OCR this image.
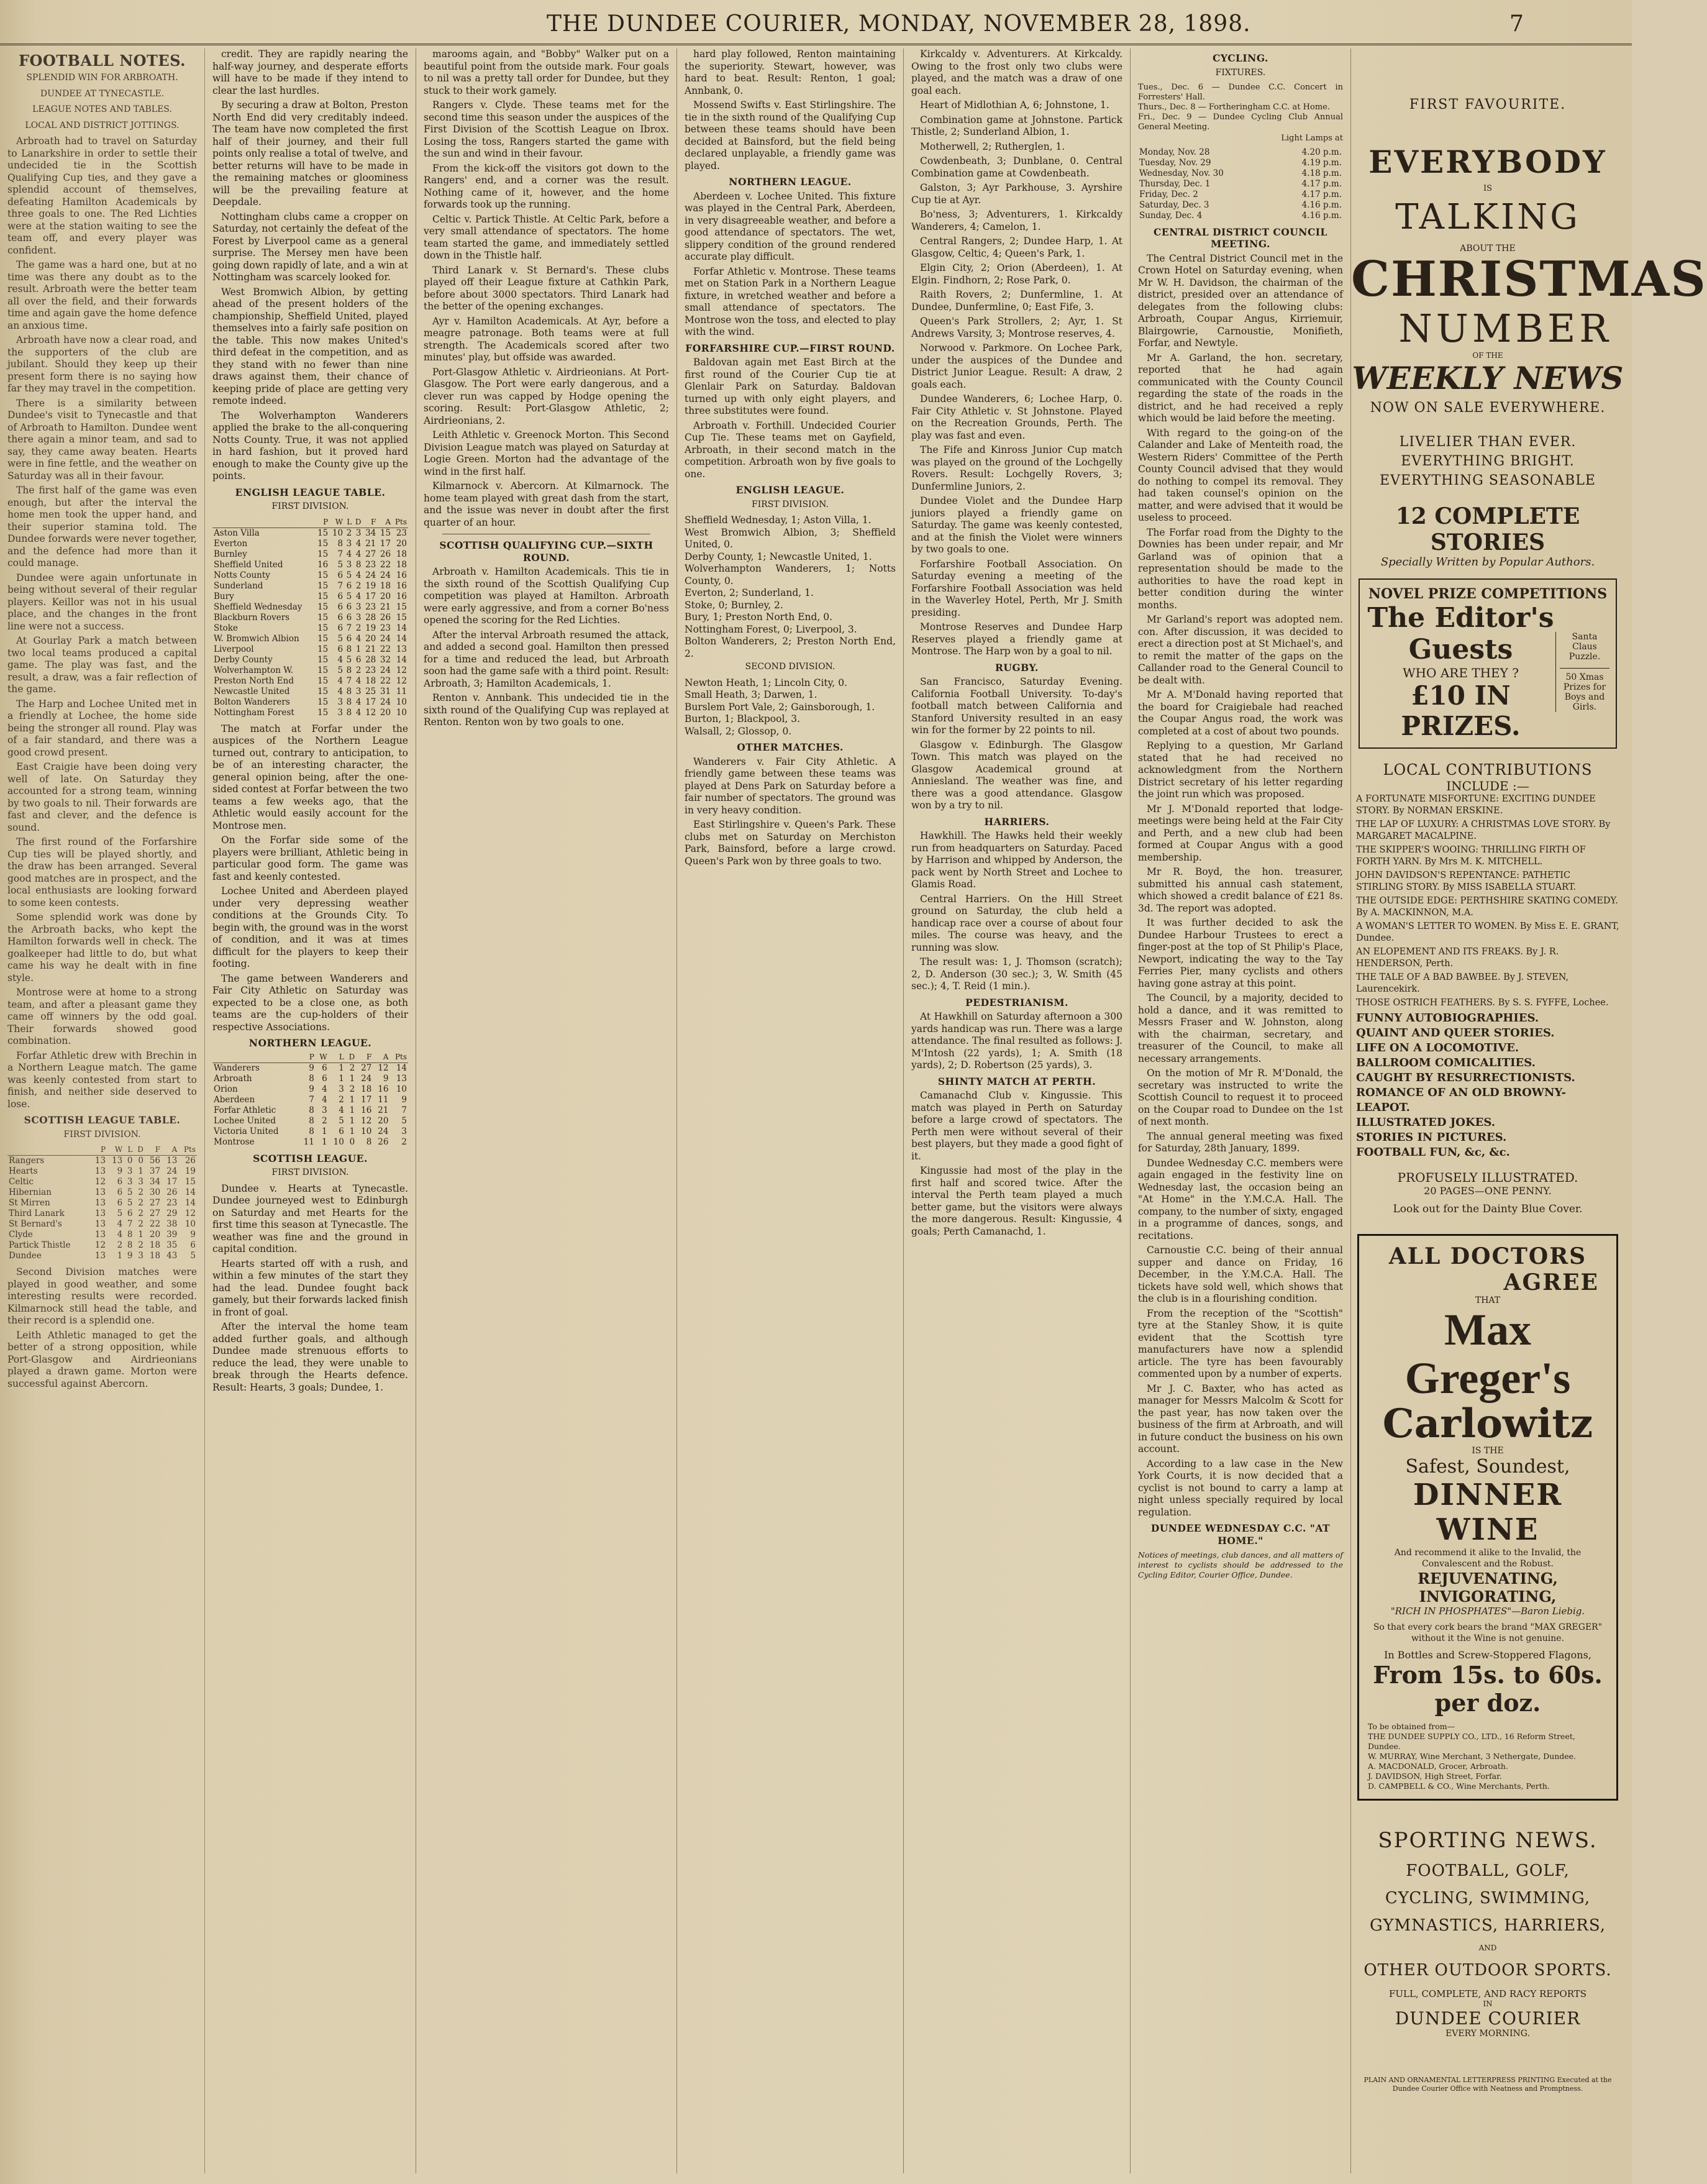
THE DUNDEE COURIER, MONDAY, NOVEMBER 28, 1898.	7
FOOTBALL NOTES.
SPLENDID WIN FOR ARBROATH.
DUNDEE AT TYNECASTLE.
LEAGUE NOTES AND TABLES.
LOCAL AND DISTRICT JOTTINGS.

Arbroath had to travel on Saturday to Lanarkshire in order to settle their undecided tie in the Scottish Qualifying Cup ties, and they gave a splendid account of themselves, defeating Hamilton Academicals by three goals to one. The Red Lichties were at the station waiting to see the team off, and every player was confident.

The game was a hard one, but at no time was there any doubt as to the result. Arbroath were the better team all over the field, and their forwards time and again gave the home defence an anxious time.

Arbroath have now a clear road, and the supporters of the club are jubilant. Should they keep up their present form there is no saying how far they may travel in the competition.

There is a similarity between Dundee's visit to Tynecastle and that of Arbroath to Hamilton. Dundee went there again a minor team, and sad to say, they came away beaten. Hearts were in fine fettle, and the weather on Saturday was all in their favour.

The first half of the game was even enough, but after the interval the home men took the upper hand, and their superior stamina told. The Dundee forwards were never together, and the defence had more than it could manage.

Dundee were again unfortunate in being without several of their regular players. Keillor was not in his usual place, and the changes in the front line were not a success.

At Gourlay Park a match between two local teams produced a capital game. The play was fast, and the result, a draw, was a fair reflection of the game.

The Harp and Lochee United met in a friendly at Lochee, the home side being the stronger all round. Play was of a fair standard, and there was a good crowd present.

East Craigie have been doing very well of late. On Saturday they accounted for a strong team, winning by two goals to nil. Their forwards are fast and clever, and the defence is sound.

The first round of the Forfarshire Cup ties will be played shortly, and the draw has been arranged. Several good matches are in prospect, and the local enthusiasts are looking forward to some keen contests.

Some splendid work was done by the Arbroath backs, who kept the Hamilton forwards well in check. The goalkeeper had little to do, but what came his way he dealt with in fine style.

Montrose were at home to a strong team, and after a pleasant game they came off winners by the odd goal. Their forwards showed good combination.

Forfar Athletic drew with Brechin in a Northern League match. The game was keenly contested from start to finish, and neither side deserved to lose.

SCOTTISH LEAGUE TABLE.
FIRST DIVISION.
	P	W	L	D	F	A	Pts
Rangers	13	13	0	0	56	13	26
Hearts	13	9	3	1	37	24	19
Celtic	12	6	3	3	34	17	15
Hibernian	13	6	5	2	30	26	14
St Mirren	13	6	5	2	27	23	14
Third Lanark	13	5	6	2	27	29	12
St Bernard's	13	4	7	2	22	38	10
Clyde	13	4	8	1	20	39	9
Partick Thistle	12	2	8	2	18	35	6
Dundee	13	1	9	3	18	43	5

Second Division matches were played in good weather, and some interesting results were recorded. Kilmarnock still head the table, and their record is a splendid one.

Leith Athletic managed to get the better of a strong opposition, while Port-Glasgow and Airdrieonians played a drawn game. Morton were successful against Abercorn.

credit. They are rapidly nearing the half-way journey, and desperate efforts will have to be made if they intend to clear the last hurdles.

By securing a draw at Bolton, Preston North End did very creditably indeed. The team have now completed the first half of their journey, and their full points only realise a total of twelve, and better returns will have to be made in the remaining matches or gloominess will be the prevailing feature at Deepdale.

Nottingham clubs came a cropper on Saturday, not certainly the defeat of the Forest by Liverpool came as a general surprise. The Mersey men have been going down rapidly of late, and a win at Nottingham was scarcely looked for.

West Bromwich Albion, by getting ahead of the present holders of the championship, Sheffield United, played themselves into a fairly safe position on the table. This now makes United's third defeat in the competition, and as they stand with no fewer than nine draws against them, their chance of keeping pride of place are getting very remote indeed.

The Wolverhampton Wanderers applied the brake to the all-conquering Notts County. True, it was not applied in hard fashion, but it proved hard enough to make the County give up the points.

ENGLISH LEAGUE TABLE.
FIRST DIVISION.
	P	W	L	D	F	A	Pts
Aston Villa	15	10	2	3	34	15	23
Everton	15	8	3	4	21	17	20
Burnley	15	7	4	4	27	26	18
Sheffield United	16	5	3	8	23	22	18
Notts County	15	6	5	4	24	24	16
Sunderland	15	7	6	2	19	18	16
Bury	15	6	5	4	17	20	16
Sheffield Wednesday	15	6	6	3	23	21	15
Blackburn Rovers	15	6	6	3	28	26	15
Stoke	15	6	7	2	19	23	14
W. Bromwich Albion	15	5	6	4	20	24	14
Liverpool	15	6	8	1	21	22	13
Derby County	15	4	5	6	28	32	14
Wolverhampton W.	15	5	8	2	23	24	12
Preston North End	15	4	7	4	18	22	12
Newcastle United	15	4	8	3	25	31	11
Bolton Wanderers	15	3	8	4	17	24	10
Nottingham Forest	15	3	8	4	12	20	10

The match at Forfar under the auspices of the Northern League turned out, contrary to anticipation, to be of an interesting character, the general opinion being, after the one-sided contest at Forfar between the two teams a few weeks ago, that the Athletic would easily account for the Montrose men.

On the Forfar side some of the players were brilliant, Athletic being in particular good form. The game was fast and keenly contested.

Lochee United and Aberdeen played under very depressing weather conditions at the Grounds City. To begin with, the ground was in the worst of condition, and it was at times difficult for the players to keep their footing.

The game between Wanderers and Fair City Athletic on Saturday was expected to be a close one, as both teams are the cup-holders of their respective Associations.

NORTHERN LEAGUE.
	P	W	L	D	F	A	Pts
Wanderers	9	6	1	2	27	12	14
Arbroath	8	6	1	1	24	9	13
Orion	9	4	3	2	18	16	10
Aberdeen	7	4	2	1	17	11	9
Forfar Athletic	8	3	4	1	16	21	7
Lochee United	8	2	5	1	12	20	5
Victoria United	8	1	6	1	10	24	3
Montrose	11	1	10	0	8	26	2
SCOTTISH LEAGUE.
FIRST DIVISION.

Dundee v. Hearts at Tynecastle. Dundee journeyed west to Edinburgh on Saturday and met Hearts for the first time this season at Tynecastle. The weather was fine and the ground in capital condition.

Hearts started off with a rush, and within a few minutes of the start they had the lead. Dundee fought back gamely, but their forwards lacked finish in front of goal.

After the interval the home team added further goals, and although Dundee made strenuous efforts to reduce the lead, they were unable to break through the Hearts defence. Result: Hearts, 3 goals; Dundee, 1.

marooms again, and "Bobby" Walker put on a beautiful point from the outside mark. Four goals to nil was a pretty tall order for Dundee, but they stuck to their work gamely.

Rangers v. Clyde. These teams met for the second time this season under the auspices of the First Division of the Scottish League on Ibrox. Losing the toss, Rangers started the game with the sun and wind in their favour.

From the kick-off the visitors got down to the Rangers' end, and a corner was the result. Nothing came of it, however, and the home forwards took up the running.

Celtic v. Partick Thistle. At Celtic Park, before a very small attendance of spectators. The home team started the game, and immediately settled down in the Thistle half.

Third Lanark v. St Bernard's. These clubs played off their League fixture at Cathkin Park, before about 3000 spectators. Third Lanark had the better of the opening exchanges.

Ayr v. Hamilton Academicals. At Ayr, before a meagre patronage. Both teams were at full strength. The Academicals scored after two minutes' play, but offside was awarded.

Port-Glasgow Athletic v. Airdrieonians. At Port-Glasgow. The Port were early dangerous, and a clever run was capped by Hodge opening the scoring. Result: Port-Glasgow Athletic, 2; Airdrieonians, 2.

Leith Athletic v. Greenock Morton. This Second Division League match was played on Saturday at Logie Green. Morton had the advantage of the wind in the first half.

Kilmarnock v. Abercorn. At Kilmarnock. The home team played with great dash from the start, and the issue was never in doubt after the first quarter of an hour.

SCOTTISH QUALIFYING CUP.—SIXTH ROUND.

Arbroath v. Hamilton Academicals. This tie in the sixth round of the Scottish Qualifying Cup competition was played at Hamilton. Arbroath were early aggressive, and from a corner Bo'ness opened the scoring for the Red Lichties.

After the interval Arbroath resumed the attack, and added a second goal. Hamilton then pressed for a time and reduced the lead, but Arbroath soon had the game safe with a third point. Result: Arbroath, 3; Hamilton Academicals, 1.

Renton v. Annbank. This undecided tie in the sixth round of the Qualifying Cup was replayed at Renton. Renton won by two goals to one.

hard play followed, Renton maintaining the superiority. Stewart, however, was hard to beat. Result: Renton, 1 goal; Annbank, 0.

Mossend Swifts v. East Stirlingshire. The tie in the sixth round of the Qualifying Cup between these teams should have been decided at Bainsford, but the field being declared unplayable, a friendly game was played.

NORTHERN LEAGUE.

Aberdeen v. Lochee United. This fixture was played in the Central Park, Aberdeen, in very disagreeable weather, and before a good attendance of spectators. The wet, slippery condition of the ground rendered accurate play difficult.

Forfar Athletic v. Montrose. These teams met on Station Park in a Northern League fixture, in wretched weather and before a small attendance of spectators. The Montrose won the toss, and elected to play with the wind.

FORFARSHIRE CUP.—FIRST ROUND.

Baldovan again met East Birch at the first round of the Courier Cup tie at Glenlair Park on Saturday. Baldovan turned up with only eight players, and three substitutes were found.

Arbroath v. Forthill. Undecided Courier Cup Tie. These teams met on Gayfield, Arbroath, in their second match in the competition. Arbroath won by five goals to one.

ENGLISH LEAGUE.
FIRST DIVISION.
Sheffield Wednesday, 1; Aston Villa, 1.
West Bromwich Albion, 3; Sheffield United, 0.
Derby County, 1; Newcastle United, 1.
Wolverhampton Wanderers, 1; Notts County, 0.
Everton, 2; Sunderland, 1.
Stoke, 0; Burnley, 2.
Bury, 1; Preston North End, 0.
Nottingham Forest, 0; Liverpool, 3.
Bolton Wanderers, 2; Preston North End, 2.
SECOND DIVISION.
Newton Heath, 1; Lincoln City, 0.
Small Heath, 3; Darwen, 1.
Burslem Port Vale, 2; Gainsborough, 1.
Burton, 1; Blackpool, 3.
Walsall, 2; Glossop, 0.
OTHER MATCHES.

Wanderers v. Fair City Athletic. A friendly game between these teams was played at Dens Park on Saturday before a fair number of spectators. The ground was in very heavy condition.

East Stirlingshire v. Queen's Park. These clubs met on Saturday on Merchiston Park, Bainsford, before a large crowd. Queen's Park won by three goals to two.

Kirkcaldy v. Adventurers. At Kirkcaldy. Owing to the frost only two clubs were played, and the match was a draw of one goal each.

Heart of Midlothian A, 6; Johnstone, 1.

Combination game at Johnstone. Partick Thistle, 2; Sunderland Albion, 1.

Motherwell, 2; Rutherglen, 1.

Cowdenbeath, 3; Dunblane, 0. Central Combination game at Cowdenbeath.

Galston, 3; Ayr Parkhouse, 3. Ayrshire Cup tie at Ayr.

Bo'ness, 3; Adventurers, 1. Kirkcaldy Wanderers, 4; Camelon, 1.

Central Rangers, 2; Dundee Harp, 1. At Glasgow, Celtic, 4; Queen's Park, 1.

Elgin City, 2; Orion (Aberdeen), 1. At Elgin. Findhorn, 2; Rose Park, 0.

Raith Rovers, 2; Dunfermline, 1. At Dundee, Dunfermline, 0; East Fife, 3.

Queen's Park Strollers, 2; Ayr, 1. St Andrews Varsity, 3; Montrose reserves, 4.

Norwood v. Parkmore. On Lochee Park, under the auspices of the Dundee and District Junior League. Result: A draw, 2 goals each.

Dundee Wanderers, 6; Lochee Harp, 0. Fair City Athletic v. St Johnstone. Played on the Recreation Grounds, Perth. The play was fast and even.

The Fife and Kinross Junior Cup match was played on the ground of the Lochgelly Rovers. Result: Lochgelly Rovers, 3; Dunfermline Juniors, 2.

Dundee Violet and the Dundee Harp juniors played a friendly game on Saturday. The game was keenly contested, and at the finish the Violet were winners by two goals to one.

Forfarshire Football Association. On Saturday evening a meeting of the Forfarshire Football Association was held in the Waverley Hotel, Perth, Mr J. Smith presiding.

Montrose Reserves and Dundee Harp Reserves played a friendly game at Montrose. The Harp won by a goal to nil.

RUGBY.

San Francisco, Saturday Evening. California Football University. To-day's football match between California and Stanford University resulted in an easy win for the former by 22 points to nil.

Glasgow v. Edinburgh. The Glasgow Town. This match was played on the Glasgow Academical ground at Anniesland. The weather was fine, and there was a good attendance. Glasgow won by a try to nil.

HARRIERS.

Hawkhill. The Hawks held their weekly run from headquarters on Saturday. Paced by Harrison and whipped by Anderson, the pack went by North Street and Lochee to Glamis Road.

Central Harriers. On the Hill Street ground on Saturday, the club held a handicap race over a course of about four miles. The course was heavy, and the running was slow.

The result was: 1, J. Thomson (scratch); 2, D. Anderson (30 sec.); 3, W. Smith (45 sec.); 4, T. Reid (1 min.).

PEDESTRIANISM.

At Hawkhill on Saturday afternoon a 300 yards handicap was run. There was a large attendance. The final resulted as follows: J. M'Intosh (22 yards), 1; A. Smith (18 yards), 2; D. Robertson (25 yards), 3.

SHINTY MATCH AT PERTH.

Camanachd Club v. Kingussie. This match was played in Perth on Saturday before a large crowd of spectators. The Perth men were without several of their best players, but they made a good fight of it.

Kingussie had most of the play in the first half and scored twice. After the interval the Perth team played a much better game, but the visitors were always the more dangerous. Result: Kingussie, 4 goals; Perth Camanachd, 1.

CYCLING.
FIXTURES.
Tues., Dec. 6 — Dundee C.C. Concert in Forresters' Hall.
Thurs., Dec. 8 — Fortheringham C.C. at Home.
Fri., Dec. 9 — Dundee Cycling Club Annual General Meeting.
Light Lamps at
Monday, Nov. 28	4.20 p.m.
Tuesday, Nov. 29	4.19 p.m.
Wednesday, Nov. 30	4.18 p.m.
Thursday, Dec. 1	4.17 p.m.
Friday, Dec. 2	4.17 p.m.
Saturday, Dec. 3	4.16 p.m.
Sunday, Dec. 4	4.16 p.m.
CENTRAL DISTRICT COUNCIL MEETING.

The Central District Council met in the Crown Hotel on Saturday evening, when Mr W. H. Davidson, the chairman of the district, presided over an attendance of delegates from the following clubs: Arbroath, Coupar Angus, Kirriemuir, Blairgowrie, Carnoustie, Monifieth, Forfar, and Newtyle.

Mr A. Garland, the hon. secretary, reported that he had again communicated with the County Council regarding the state of the roads in the district, and he had received a reply which would be laid before the meeting.

With regard to the going-on of the Calander and Lake of Menteith road, the Western Riders' Committee of the Perth County Council advised that they would do nothing to compel its removal. They had taken counsel's opinion on the matter, and were advised that it would be useless to proceed.

The Forfar road from the Dighty to the Downies has been under repair, and Mr Garland was of opinion that a representation should be made to the authorities to have the road kept in better condition during the winter months.

Mr Garland's report was adopted nem. con. After discussion, it was decided to erect a direction post at St Michael's, and to remit the matter of the gaps on the Callander road to the General Council to be dealt with.

Mr A. M'Donald having reported that the board for Craigiebale had reached the Coupar Angus road, the work was completed at a cost of about two pounds.

Replying to a question, Mr Garland stated that he had received no acknowledgment from the Northern District secretary of his letter regarding the joint run which was proposed.

Mr J. M'Donald reported that lodge-meetings were being held at the Fair City and Perth, and a new club had been formed at Coupar Angus with a good membership.

Mr R. Boyd, the hon. treasurer, submitted his annual cash statement, which showed a credit balance of £21 8s. 3d. The report was adopted.

It was further decided to ask the Dundee Harbour Trustees to erect a finger-post at the top of St Philip's Place, Newport, indicating the way to the Tay Ferries Pier, many cyclists and others having gone astray at this point.

The Council, by a majority, decided to hold a dance, and it was remitted to Messrs Fraser and W. Johnston, along with the chairman, secretary, and treasurer of the Council, to make all necessary arrangements.

On the motion of Mr R. M'Donald, the secretary was instructed to write the Scottish Council to request it to proceed on the Coupar road to Dundee on the 1st of next month.

The annual general meeting was fixed for Saturday, 28th January, 1899.

Dundee Wednesday C.C. members were again engaged in the festivity line on Wednesday last, the occasion being an "At Home" in the Y.M.C.A. Hall. The company, to the number of sixty, engaged in a programme of dances, songs, and recitations.

Carnoustie C.C. being of their annual supper and dance on Friday, 16 December, in the Y.M.C.A. Hall. The tickets have sold well, which shows that the club is in a flourishing condition.

From the reception of the "Scottish" tyre at the Stanley Show, it is quite evident that the Scottish tyre manufacturers have now a splendid article. The tyre has been favourably commented upon by a number of experts.

Mr J. C. Baxter, who has acted as manager for Messrs Malcolm & Scott for the past year, has now taken over the business of the firm at Arbroath, and will in future conduct the business on his own account.

According to a law case in the New York Courts, it is now decided that a cyclist is not bound to carry a lamp at night unless specially required by local regulation.

DUNDEE WEDNESDAY C.C. "AT HOME."
Notices of meetings, club dances, and all matters of interest to cyclists should be addressed to the Cycling Editor, Courier Office, Dundee.
FIRST FAVOURITE.
EVERYBODY
IS
TALKING
ABOUT THE
CHRISTMAS
NUMBER
OF THE
WEEKLY NEWS
NOW ON SALE EVERYWHERE.
LIVELIER THAN EVER.
EVERYTHING BRIGHT.
EVERYTHING SEASONABLE
12 COMPLETE STORIES
Specially Written by Popular Authors.
NOVEL PRIZE COMPETITIONS
The Editor's Guests
WHO ARE THEY ?
£10 IN PRIZES.
Santa Claus Puzzle.
50 Xmas Prizes for Boys and Girls.
LOCAL CONTRIBUTIONS
INCLUDE :—
A FORTUNATE MISFORTUNE: EXCITING DUNDEE STORY. By NORMAN ERSKINE.
THE LAP OF LUXURY: A CHRISTMAS LOVE STORY. By MARGARET MACALPINE.
THE SKIPPER'S WOOING: THRILLING FIRTH OF FORTH YARN. By Mrs M. K. MITCHELL.
JOHN DAVIDSON'S REPENTANCE: PATHETIC STIRLING STORY. By MISS ISABELLA STUART.
THE OUTSIDE EDGE: PERTHSHIRE SKATING COMEDY. By A. MACKINNON, M.A.
A WOMAN'S LETTER TO WOMEN. By Miss E. E. GRANT, Dundee.
AN ELOPEMENT AND ITS FREAKS. By J. R. HENDERSON, Perth.
THE TALE OF A BAD BAWBEE. By J. STEVEN, Laurencekirk.
THOSE OSTRICH FEATHERS. By S. S. FYFFE, Lochee.
FUNNY AUTOBIOGRAPHIES.
QUAINT AND QUEER STORIES.
LIFE ON A LOCOMOTIVE.
BALLROOM COMICALITIES.
CAUGHT BY RESURRECTIONISTS.
ROMANCE OF AN OLD BROWNY-LEAPOT.
ILLUSTRATED JOKES.
STORIES IN PICTURES.
FOOTBALL FUN, &c, &c.
PROFUSELY ILLUSTRATED.
20 PAGES—ONE PENNY.
Look out for the Dainty Blue Cover.
ALL DOCTORS
AGREE
THAT
Max Greger's
Carlowitz
IS THE
Safest, Soundest,
DINNER WINE
And recommend it alike to the Invalid, the Convalescent and the Robust.
REJUVENATING, INVIGORATING,
"RICH IN PHOSPHATES"—Baron Liebig.
So that every cork bears the brand "MAX GREGER" without it the Wine is not genuine.
In Bottles and Screw-Stoppered Flagons,
From 15s. to 60s. per doz.
To be obtained from—
THE DUNDEE SUPPLY CO., LTD., 16 Reform Street, Dundee.
W. MURRAY, Wine Merchant, 3 Nethergate, Dundee.
A. MACDONALD, Grocer, Arbroath.
J. DAVIDSON, High Street, Forfar.
D. CAMPBELL & CO., Wine Merchants, Perth.
SPORTING NEWS.
FOOTBALL, GOLF,
CYCLING, SWIMMING,
GYMNASTICS, HARRIERS,
AND
OTHER OUTDOOR SPORTS.
FULL, COMPLETE, AND RACY REPORTS
IN
DUNDEE COURIER
EVERY MORNING.
PLAIN AND ORNAMENTAL LETTERPRESS PRINTING Executed at the Dundee Courier Office with Neatness and Promptness.
